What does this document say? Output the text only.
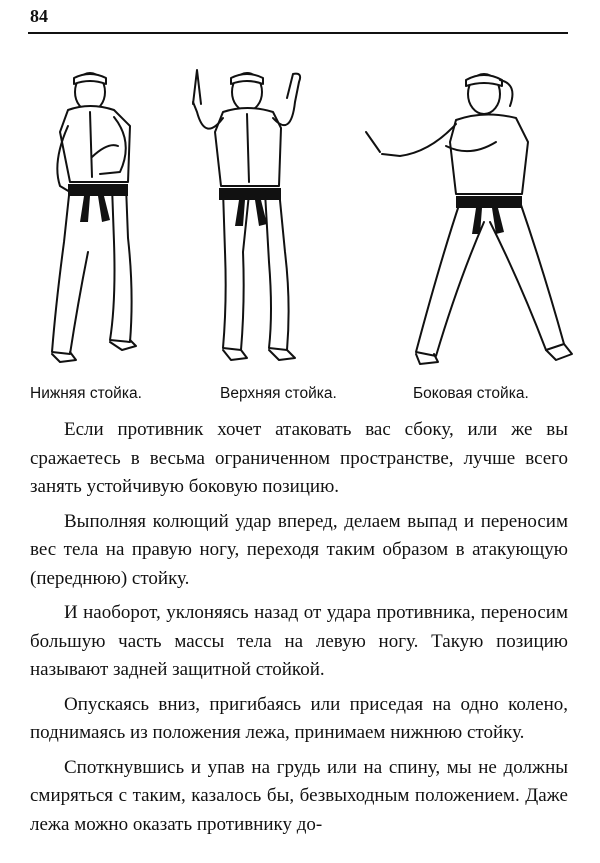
84
Нижняя стойка.	Верхняя стойка.	Боковая стойка.

Если противник хочет атаковать вас сбоку, или же вы сражаетесь в весьма ограниченном пространстве, лучше всего занять устойчивую боковую позицию.

Выполняя колющий удар вперед, делаем выпад и переносим вес тела на правую ногу, переходя таким образом в атакующую (переднюю) стойку.

И наоборот, уклоняясь назад от удара противника, переносим большую часть массы тела на левую ногу. Такую позицию называют задней защитной стойкой.

Опускаясь вниз, пригибаясь или приседая на одно колено, поднимаясь из положения лежа, принимаем нижнюю стойку.

Споткнувшись и упав на грудь или на спину, мы не должны смиряться с таким, казалось бы, безвыходным положением. Даже лежа можно оказать противнику до-
